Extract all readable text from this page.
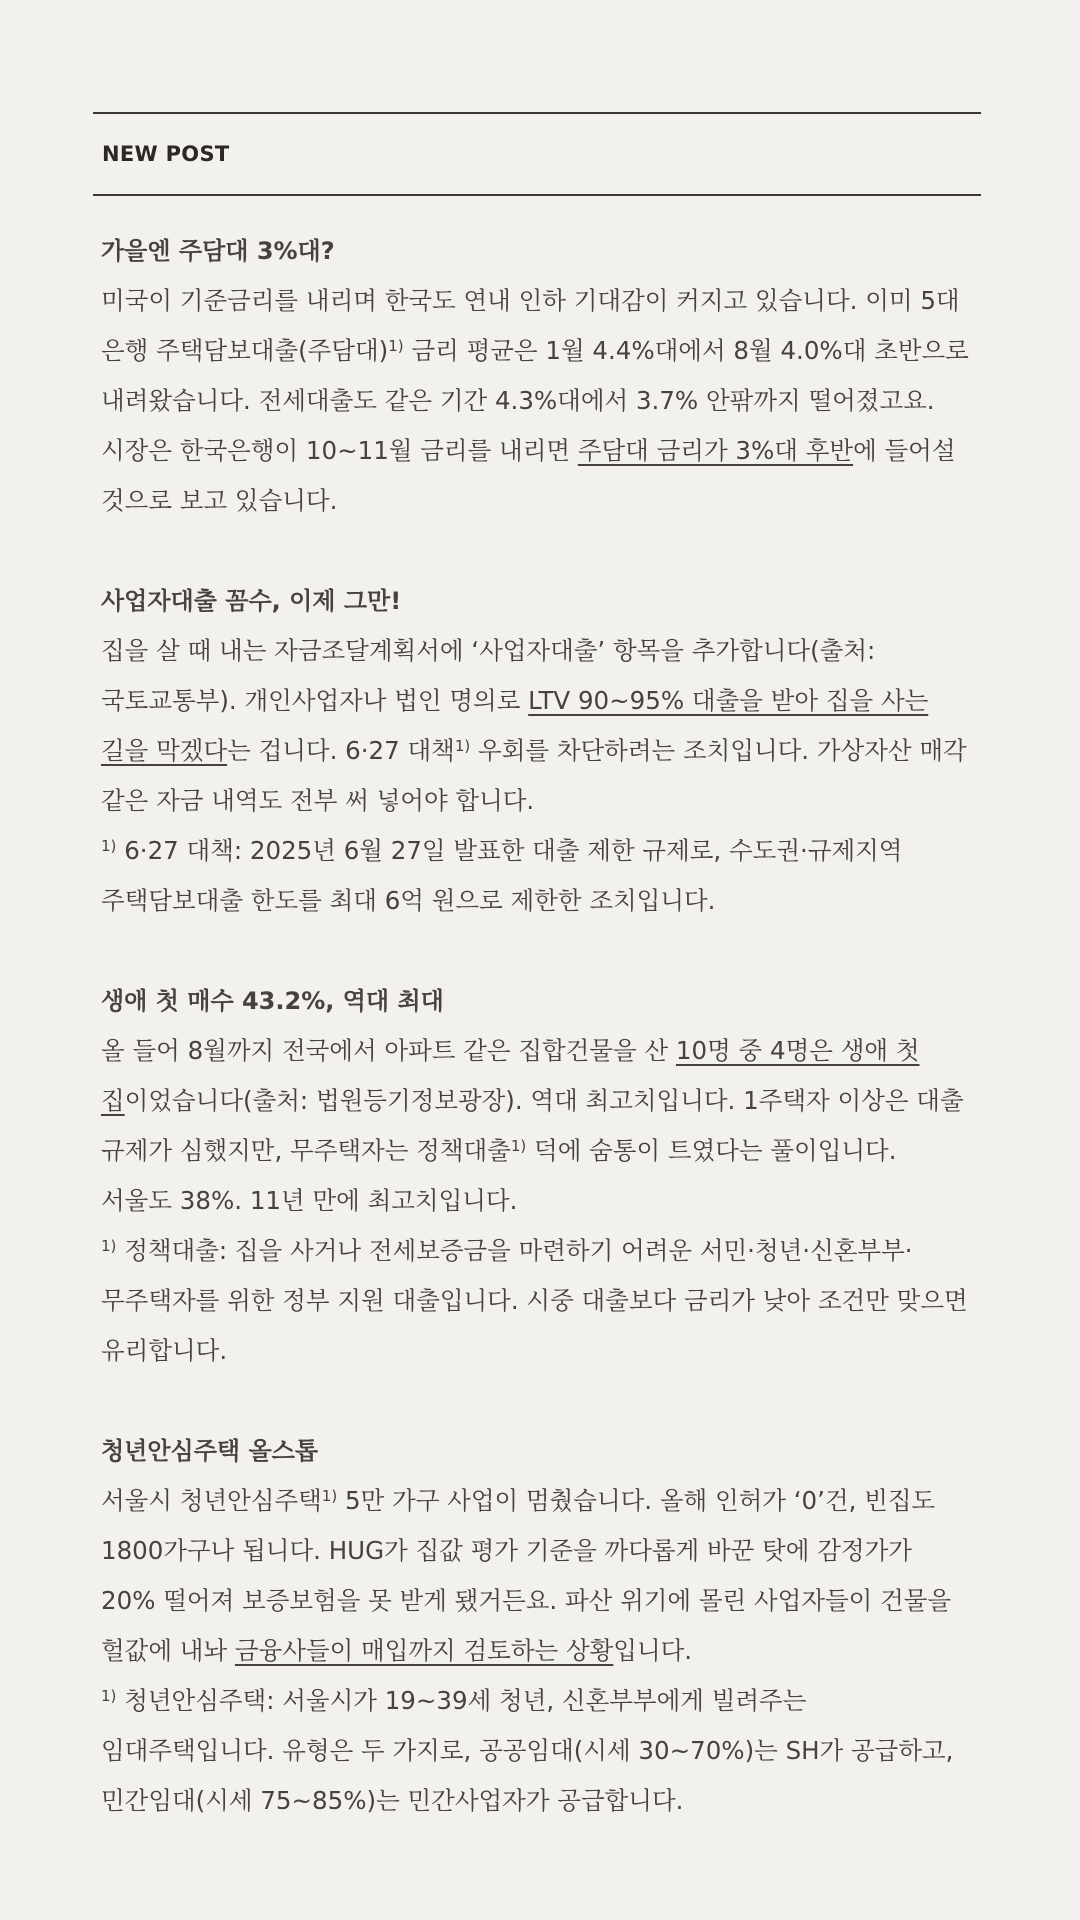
NEW POST
가을엔 주담대 3%대?

미국이 기준금리를 내리며 한국도 연내 인하 기대감이 커지고 있습니다. 이미 5대 은행 주택담보대출(주담대)$^{1)}$ 금리 평균은 1월 4.4%대에서 8월 4.0%대 초반으로 내려왔습니다. 전세대출도 같은 기간 4.3%대에서 3.7% 안팎까지 떨어졌고요. 시장은 한국은행이 10~11월 금리를 내리면 주담대 금리가 3%대 후반에 들어설 것으로 보고 있습니다.

사업자대출 꼼수, 이제 그만!

집을 살 때 내는 자금조달계획서에 ‘사업자대출’ 항목을 추가합니다(출처: 국토교통부). 개인사업자나 법인 명의로 LTV 90~95% 대출을 받아 집을 사는 길을 막겠다는 겁니다. 6·27 대책$^{1)}$ 우회를 차단하려는 조치입니다. 가상자산 매각 같은 자금 내역도 전부 써 넣어야 합니다.

$^{1)}$ 6·27 대책: 2025년 6월 27일 발표한 대출 제한 규제로, 수도권·규제지역 주택담보대출 한도를 최대 6억 원으로 제한한 조치입니다.

생애 첫 매수 43.2%, 역대 최대

올 들어 8월까지 전국에서 아파트 같은 집합건물을 산 10명 중 4명은 생애 첫 집이었습니다(출처: 법원등기정보광장). 역대 최고치입니다. 1주택자 이상은 대출 규제가 심했지만, 무주택자는 정책대출$^{1)}$ 덕에 숨통이 트였다는 풀이입니다. 서울도 38%. 11년 만에 최고치입니다.

$^{1)}$ 정책대출: 집을 사거나 전세보증금을 마련하기 어려운 서민·청년·신혼부부·무주택자를 위한 정부 지원 대출입니다. 시중 대출보다 금리가 낮아 조건만 맞으면 유리합니다.

청년안심주택 올스톱

서울시 청년안심주택$^{1)}$ 5만 가구 사업이 멈췄습니다. 올해 인허가 ‘0’건, 빈집도 1800가구나 됩니다. HUG가 집값 평가 기준을 까다롭게 바꾼 탓에 감정가가 20% 떨어져 보증보험을 못 받게 됐거든요. 파산 위기에 몰린 사업자들이 건물을 헐값에 내놔 금융사들이 매입까지 검토하는 상황입니다.

$^{1)}$ 청년안심주택: 서울시가 19~39세 청년, 신혼부부에게 빌려주는 임대주택입니다. 유형은 두 가지로, 공공임대(시세 30~70%)는 SH가 공급하고, 민간임대(시세 75~85%)는 민간사업자가 공급합니다.
